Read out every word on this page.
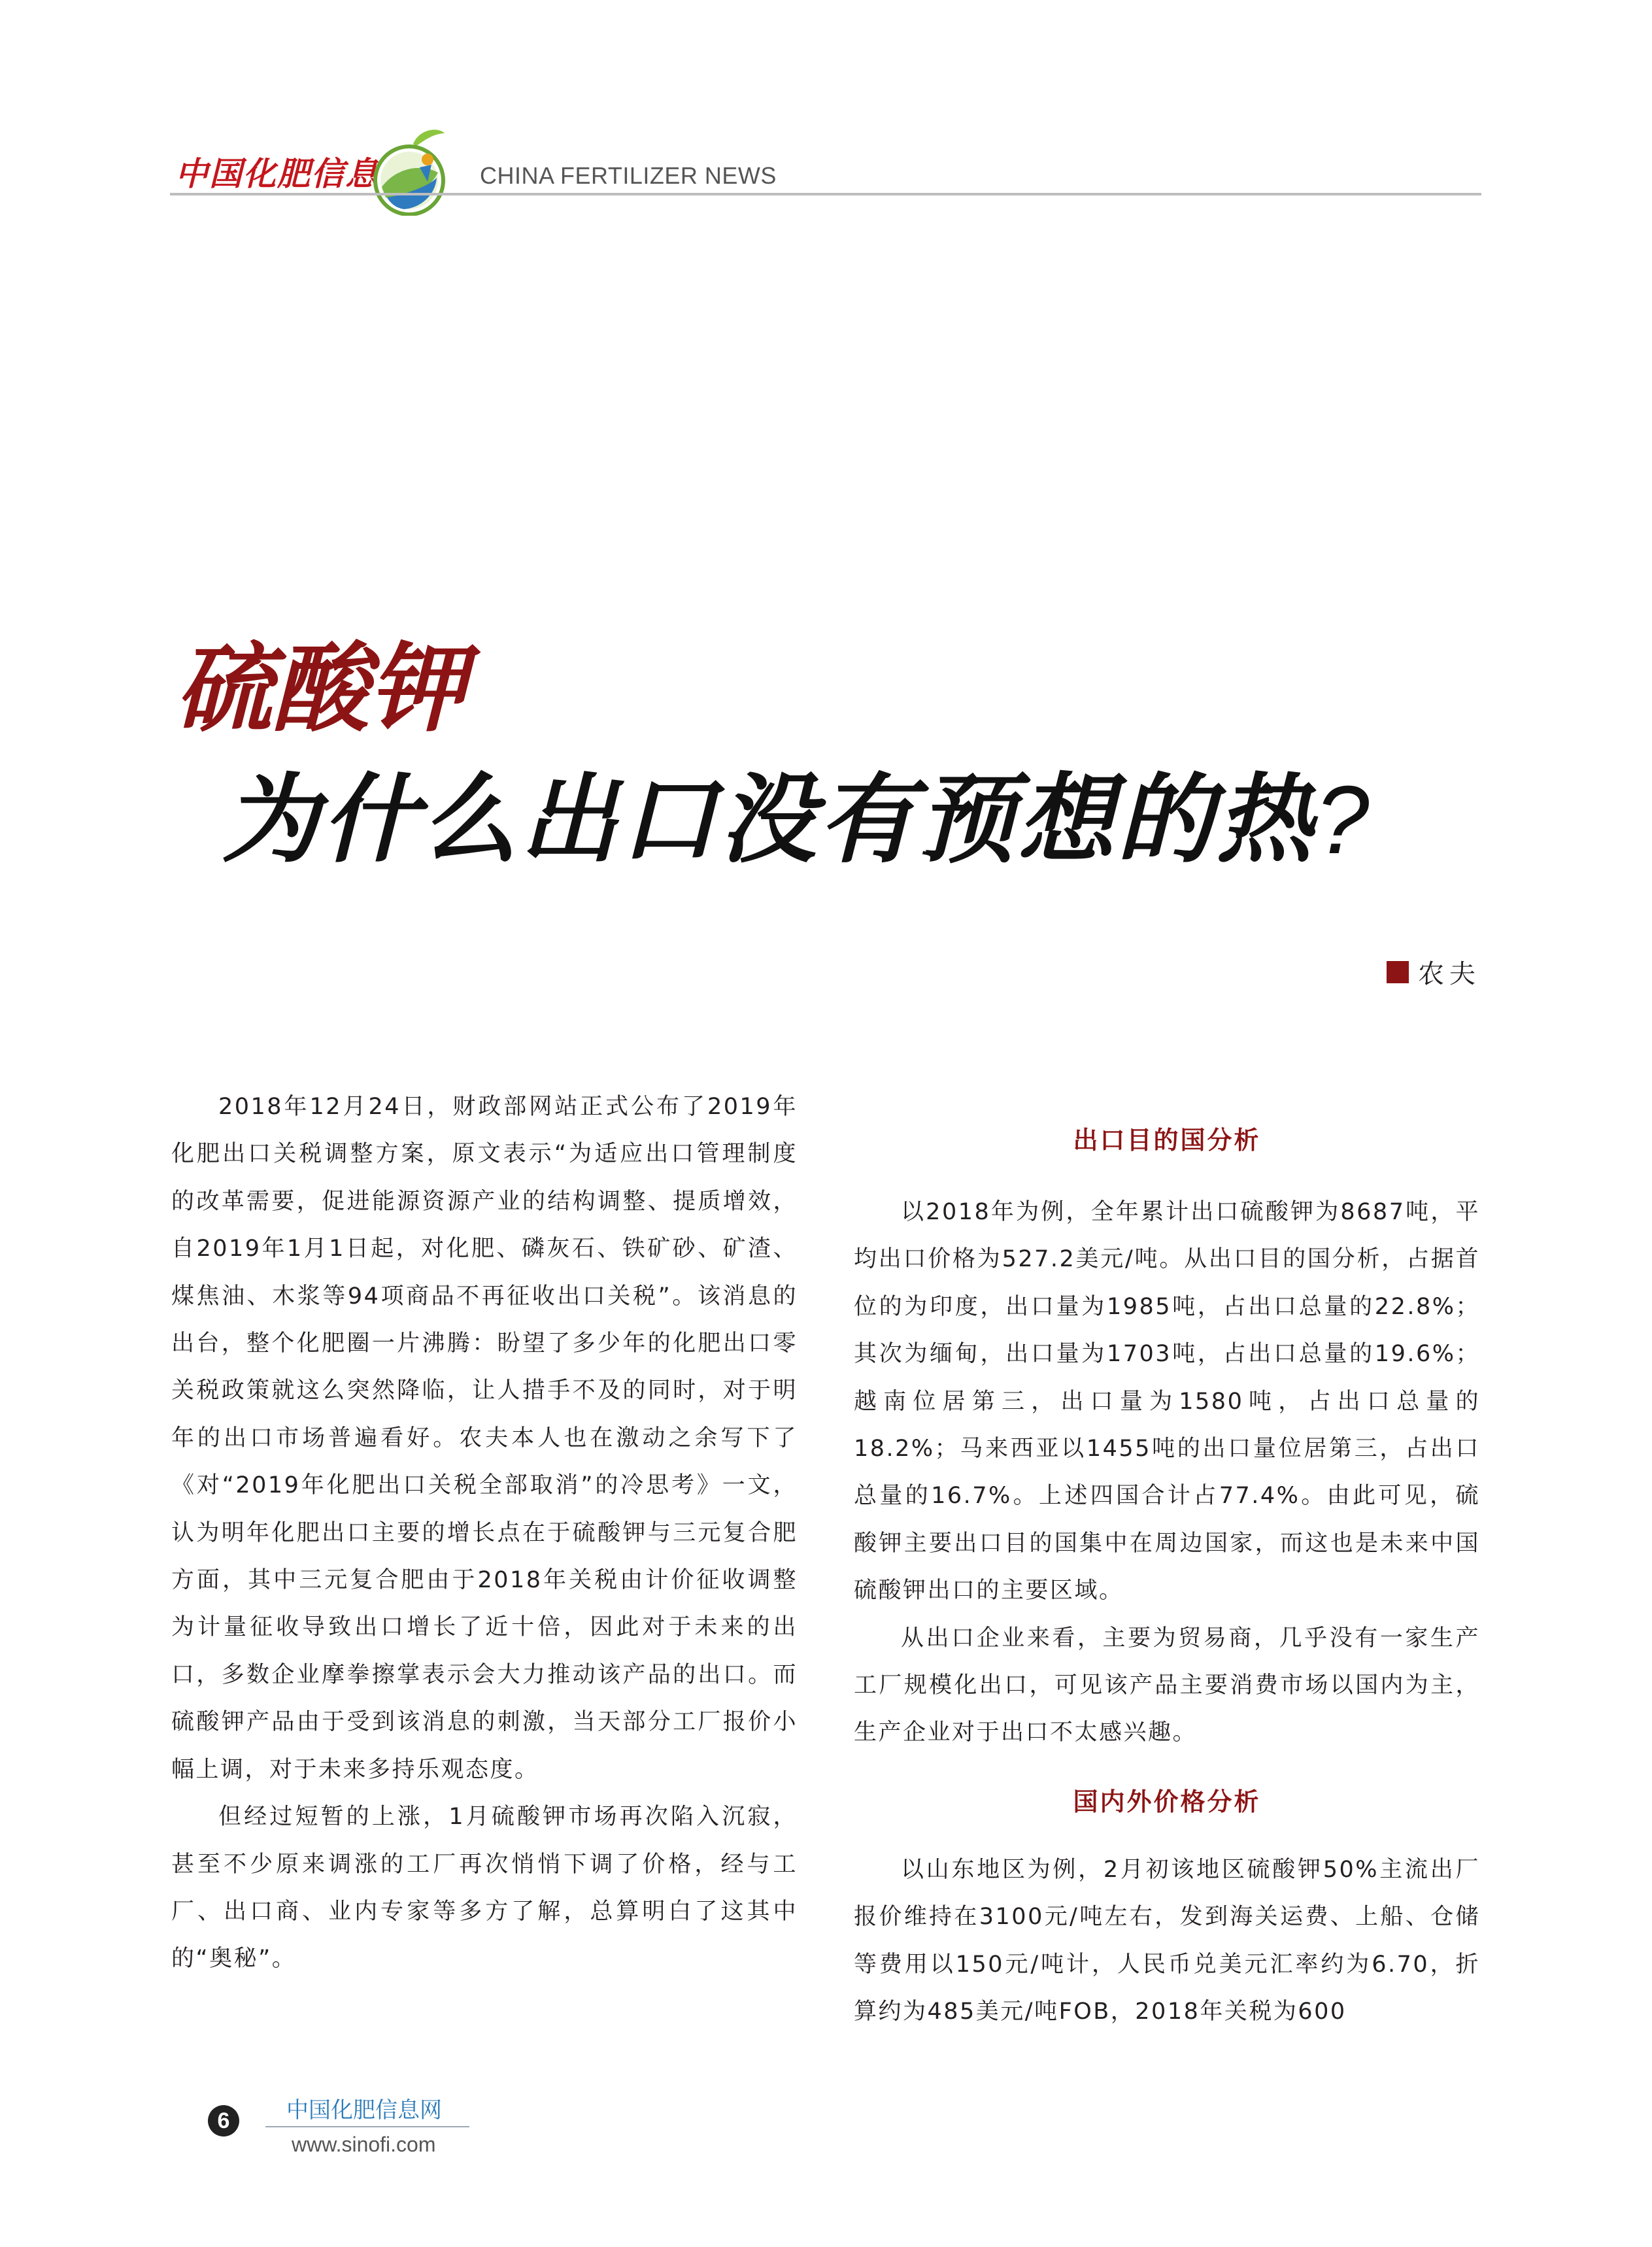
中国化肥信息	CHINA FERTILIZER NEWS
硫酸钾
为什么出口没有预想的热?
农夫

2018年12月24日，财政部网站正式公布了2019年化肥出口关税调整方案，原文表示“为适应出口管理制度的改革需要，促进能源资源产业的结构调整、提质增效，自2019年1月1日起，对化肥、磷灰石、铁矿砂、矿渣、煤焦油、木浆等94项商品不再征收出口关税”。该消息的出台，整个化肥圈一片沸腾：盼望了多少年的化肥出口零关税政策就这么突然降临，让人措手不及的同时，对于明年的出口市场普遍看好。农夫本人也在激动之余写下了《对“2019年化肥出口关税全部取消”的冷思考》一文，认为明年化肥出口主要的增长点在于硫酸钾与三元复合肥方面，其中三元复合肥由于2018年关税由计价征收调整为计量征收导致出口增长了近十倍，因此对于未来的出口，多数企业摩拳擦掌表示会大力推动该产品的出口。而硫酸钾产品由于受到该消息的刺激，当天部分工厂报价小幅上调，对于未来多持乐观态度。

但经过短暂的上涨，1月硫酸钾市场再次陷入沉寂，甚至不少原来调涨的工厂再次悄悄下调了价格，经与工厂、出口商、业内专家等多方了解，总算明白了这其中的“奥秘”。

出口目的国分析

以2018年为例，全年累计出口硫酸钾为8687吨，平均出口价格为527.2美元/吨。从出口目的国分析，占据首位的为印度，出口量为1985吨，占出口总量的22.8%；其次为缅甸，出口量为1703吨，占出口总量的19.6%；越南位居第三，出口量为1580吨，占出口总量的18.2%；马来西亚以1455吨的出口量位居第三，占出口总量的16.7%。上述四国合计占77.4%。由此可见，硫酸钾主要出口目的国集中在周边国家，而这也是未来中国硫酸钾出口的主要区域。

从出口企业来看，主要为贸易商，几乎没有一家生产工厂规模化出口，可见该产品主要消费市场以国内为主，生产企业对于出口不太感兴趣。

国内外价格分析

以山东地区为例，2月初该地区硫酸钾50%主流出厂报价维持在3100元/吨左右，发到海关运费、上船、仓储等费用以150元/吨计，人民币兑美元汇率约为6.70，折算约为485美元/吨FOB，2018年关税为600

6	中国化肥信息网
www.sinofi.com
